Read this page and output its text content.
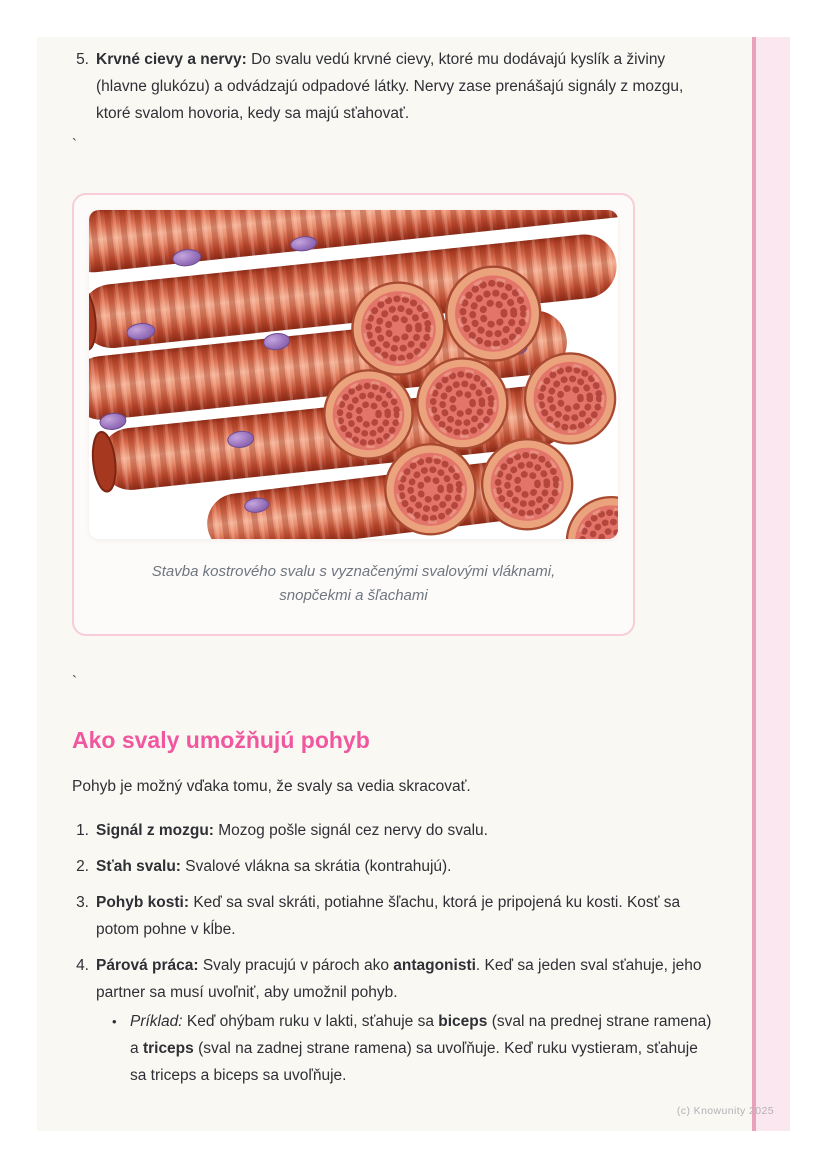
5. Krvné cievy a nervy: Do svalu vedú krvné cievy, ktoré mu dodávajú kyslík a živiny (hlavne glukózu) a odvádzajú odpadové látky. Nervy zase prenášajú signály z mozgu, ktoré svalom hovoria, kedy sa majú sťahovať.
`
Stavba kostrového svalu s vyznačenými svalovými vláknami, snopčekmi a šľachami
`
Ako svaly umožňujú pohyb

Pohyb je možný vďaka tomu, že svaly sa vedia skracovať.

1. Signál z mozgu: Mozog pošle signál cez nervy do svalu.
2. Sťah svalu: Svalové vlákna sa skrátia (kontrahujú).
3. Pohyb kosti: Keď sa sval skráti, potiahne šľachu, ktorá je pripojená ku kosti. Kosť sa potom pohne v kĺbe.
4. Párová práca: Svaly pracujú v pároch ako antagonisti. Keď sa jeden sval sťahuje, jeho partner sa musí uvoľniť, aby umožnil pohyb.
• Príklad: Keď ohýbam ruku v lakti, sťahuje sa biceps (sval na prednej strane ramena) a triceps (sval na zadnej strane ramena) sa uvoľňuje. Keď ruku vystieram, sťahuje sa triceps a biceps sa uvoľňuje.
(c) Knowunity 2025
